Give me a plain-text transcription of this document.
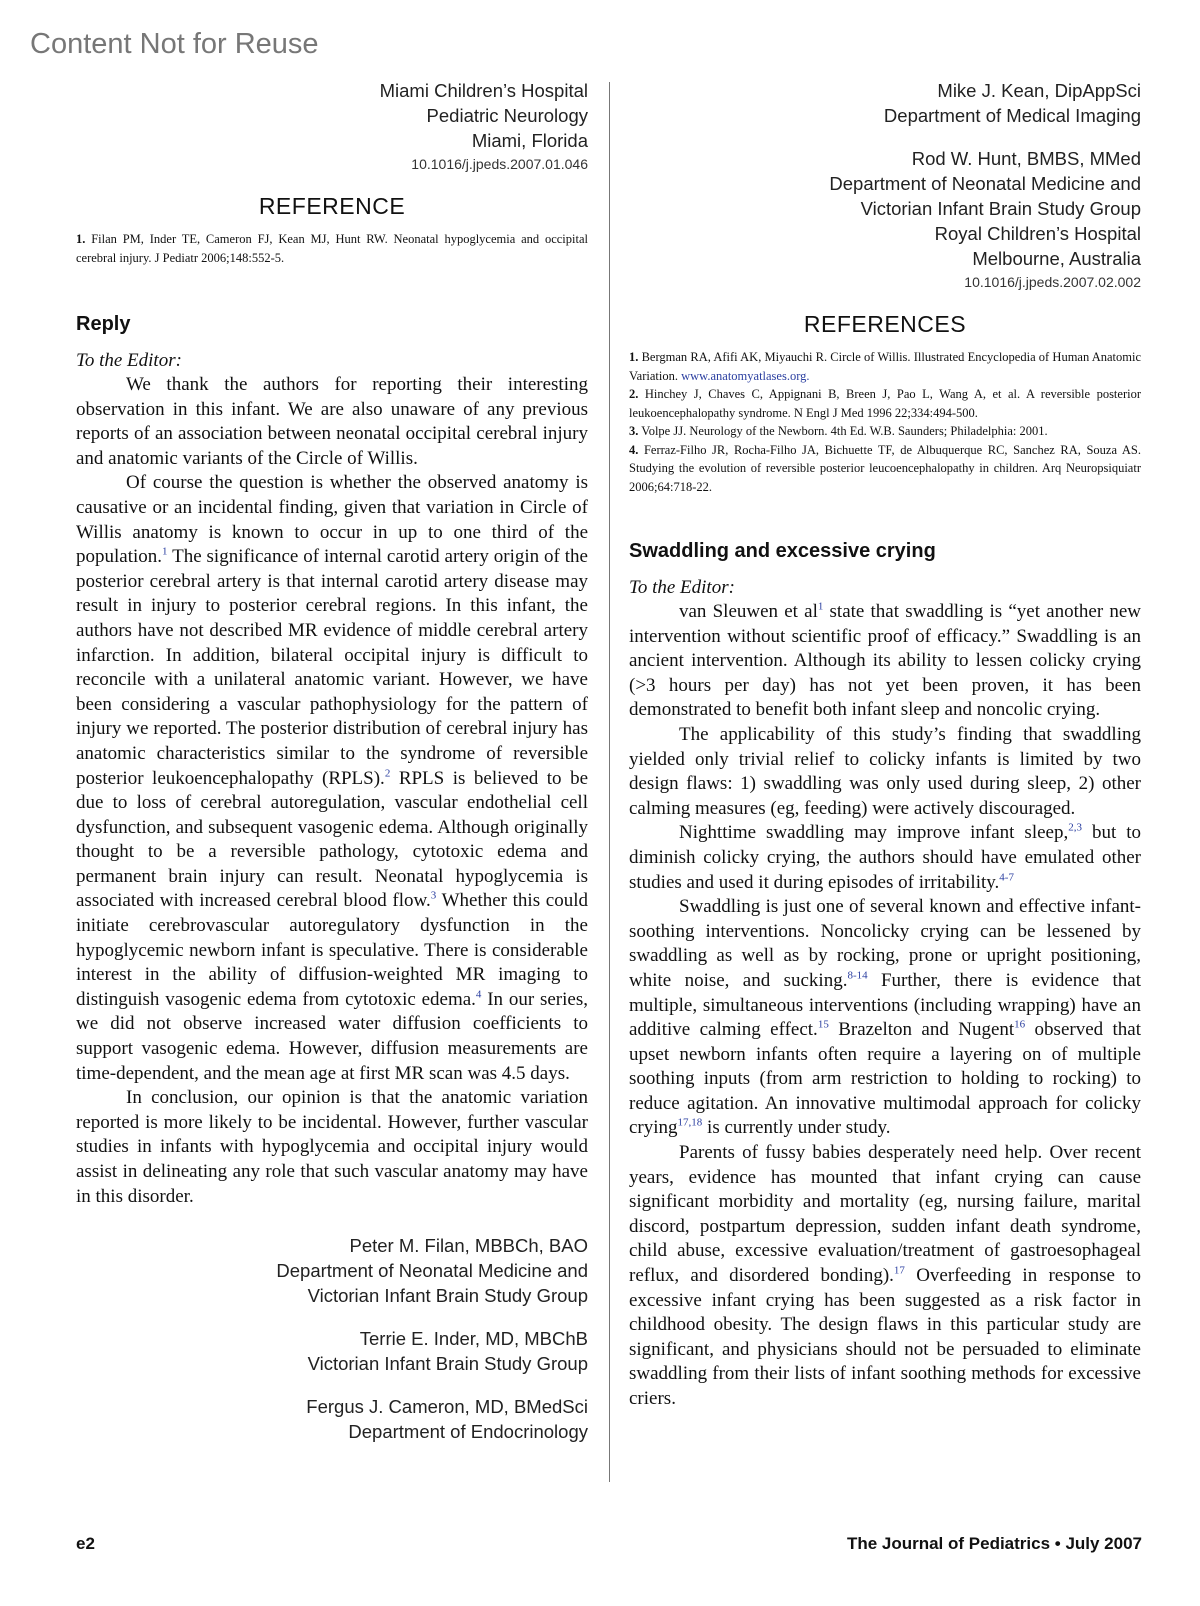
Content Not for Reuse
Miami Children’s Hospital
Pediatric Neurology
Miami, Florida
10.1016/j.jpeds.2007.01.046
REFERENCE

1. Filan PM, Inder TE, Cameron FJ, Kean MJ, Hunt RW. Neonatal hypoglycemia and occipital cerebral injury. J Pediatr 2006;148:552-5.

Reply

To the Editor:

We thank the authors for reporting their interesting observation in this infant. We are also unaware of any previous reports of an association between neonatal occipital cerebral injury and anatomic variants of the Circle of Willis.

Of course the question is whether the observed anatomy is causative or an incidental finding, given that variation in Circle of Willis anatomy is known to occur in up to one third of the population.$^1$ The significance of internal carotid artery origin of the posterior cerebral artery is that internal carotid artery disease may result in injury to posterior cerebral regions. In this infant, the authors have not described MR evidence of middle cerebral artery infarction. In addition, bilateral occipital injury is difficult to reconcile with a unilateral anatomic variant. However, we have been considering a vascular pathophysiology for the pattern of injury we reported. The posterior distribution of cerebral injury has anatomic characteristics similar to the syndrome of reversible posterior leukoencephalopathy (RPLS).$^2$ RPLS is believed to be due to loss of cerebral autoregulation, vascular endothelial cell dysfunction, and subsequent vasogenic edema. Although originally thought to be a reversible pathology, cytotoxic edema and permanent brain injury can result. Neonatal hypoglycemia is associated with increased cerebral blood flow.$^3$ Whether this could initiate cerebrovascular autoregulatory dysfunction in the hypoglycemic newborn infant is speculative. There is considerable interest in the ability of diffusion-weighted MR imaging to distinguish vasogenic edema from cytotoxic edema.$^4$ In our series, we did not observe increased water diffusion coefficients to support vasogenic edema. However, diffusion measurements are time-dependent, and the mean age at first MR scan was 4.5 days.

In conclusion, our opinion is that the anatomic variation reported is more likely to be incidental. However, further vascular studies in infants with hypoglycemia and occipital injury would assist in delineating any role that such vascular anatomy may have in this disorder.

Peter M. Filan, MBBCh, BAO
Department of Neonatal Medicine and
Victorian Infant Brain Study Group
Terrie E. Inder, MD, MBChB
Victorian Infant Brain Study Group
Fergus J. Cameron, MD, BMedSci
Department of Endocrinology
Mike J. Kean, DipAppSci
Department of Medical Imaging
Rod W. Hunt, BMBS, MMed
Department of Neonatal Medicine and
Victorian Infant Brain Study Group
Royal Children’s Hospital
Melbourne, Australia
10.1016/j.jpeds.2007.02.002
REFERENCES

1. Bergman RA, Afifi AK, Miyauchi R. Circle of Willis. Illustrated Encyclopedia of Human Anatomic Variation. www.anatomyatlases.org.

2. Hinchey J, Chaves C, Appignani B, Breen J, Pao L, Wang A, et al. A reversible posterior leukoencephalopathy syndrome. N Engl J Med 1996 22;334:494-500.

3. Volpe JJ. Neurology of the Newborn. 4th Ed. W.B. Saunders; Philadelphia: 2001.

4. Ferraz-Filho JR, Rocha-Filho JA, Bichuette TF, de Albuquerque RC, Sanchez RA, Souza AS. Studying the evolution of reversible posterior leucoencephalopathy in children. Arq Neuropsiquiatr 2006;64:718-22.

Swaddling and excessive crying

To the Editor:

van Sleuwen et $al^1$ state that swaddling is “yet another new intervention without scientific proof of efficacy.” Swaddling is an ancient intervention. Although its ability to lessen colicky crying (>3 hours per day) has not yet been proven, it has been demonstrated to benefit both infant sleep and noncolic crying.

The applicability of this study’s finding that swaddling yielded only trivial relief to colicky infants is limited by two design flaws: 1) swaddling was only used during sleep, 2) other calming measures (eg, feeding) were actively discouraged.

Nighttime swaddling may improve infant sleep,$^{2,3}$ but to diminish colicky crying, the authors should have emulated other studies and used it during episodes of irritability.$^{4-7}$

Swaddling is just one of several known and effective infant-soothing interventions. Noncolicky crying can be lessened by swaddling as well as by rocking, prone or upright positioning, white noise, and sucking.$^{8-14}$ Further, there is evidence that multiple, simultaneous interventions (including wrapping) have an additive calming effect.$^{15}$ Brazelton and Nugent$^{16}$ observed that upset newborn infants often require a layering on of multiple soothing inputs (from arm restriction to holding to rocking) to reduce agitation. An innovative multimodal approach for colicky crying$^{17,18}$ is currently under study.

Parents of fussy babies desperately need help. Over recent years, evidence has mounted that infant crying can cause significant morbidity and mortality (eg, nursing failure, marital discord, postpartum depression, sudden infant death syndrome, child abuse, excessive evaluation/treatment of gastroesophageal reflux, and disordered bonding).$^{17}$ Overfeeding in response to excessive infant crying has been suggested as a risk factor in childhood obesity. The design flaws in this particular study are significant, and physicians should not be persuaded to eliminate swaddling from their lists of infant soothing methods for excessive criers.

e2	The Journal of Pediatrics • July 2007
